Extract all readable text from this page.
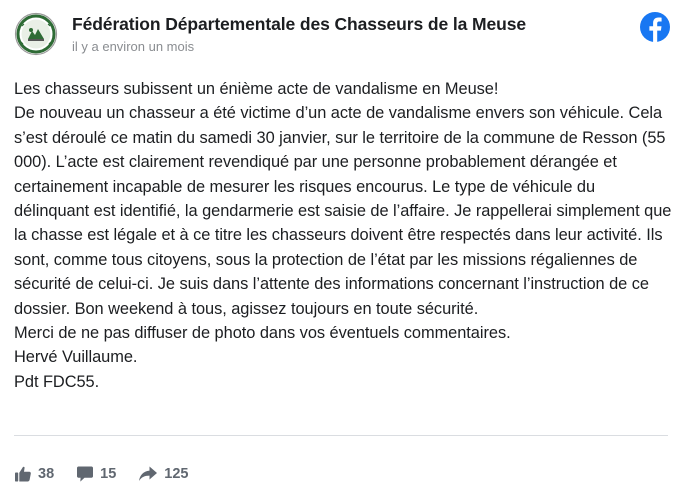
Fédération Départementale des Chasseurs de la Meuse
il y a environ un mois

Les chasseurs subissent un énième acte de vandalisme en Meuse!

De nouveau un chasseur a été victime d’un acte de vandalisme envers son véhicule. Cela s’est déroulé ce matin du samedi 30 janvier, sur le territoire de la commune de Resson (55 000). L’acte est clairement revendiqué par une personne probablement dérangée et certainement incapable de mesurer les risques encourus. Le type de véhicule du délinquant est identifié, la gendarmerie est saisie de l’affaire. Je rappellerai simplement que la chasse est légale et à ce titre les chasseurs doivent être respectés dans leur activité. Ils sont, comme tous citoyens, sous la protection de l’état par les missions régaliennes de sécurité de celui-ci. Je suis dans l’attente des informations concernant l’instruction de ce dossier. Bon weekend à tous, agissez toujours en toute sécurité.

Merci de ne pas diffuser de photo dans vos éventuels commentaires.

Hervé Vuillaume.

Pdt FDC55.

38	15	125
